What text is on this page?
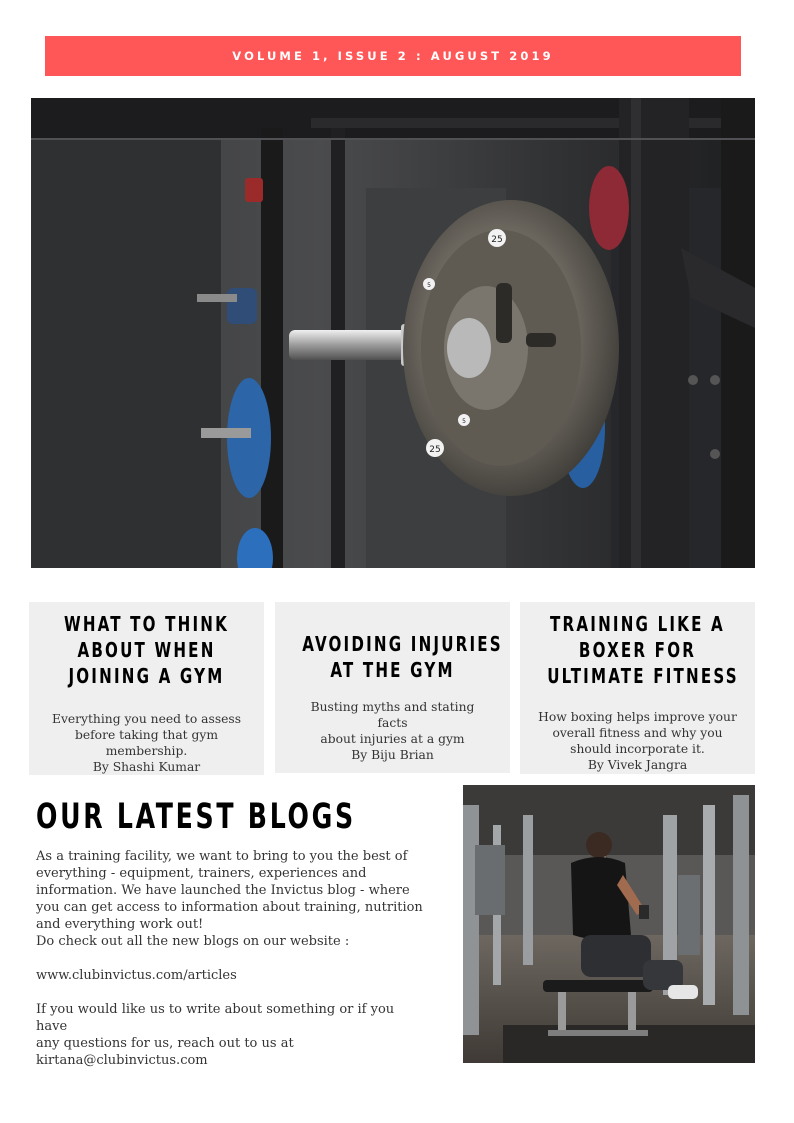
VOLUME 1, ISSUE 2 : AUGUST 2019
25
5
5
25

WHAT TO THINK

ABOUT WHEN

JOINING A GYM

Everything you need to assess
before taking that gym
membership.
By Shashi Kumar

AVOIDING INJURIES

AT THE GYM

Busting myths and stating facts
about injuries at a gym
By Biju Brian

TRAINING LIKE A

BOXER FOR

ULTIMATE FITNESS

How boxing helps improve your
overall fitness and why you
should incorporate it.
By Vivek Jangra
OUR LATEST BLOGS

As a training facility, we want to bring to you the best of

everything - equipment, trainers, experiences and

information. We have launched the Invictus blog - where

you can get access to information about training, nutrition

and everything work out!

Do check out all the new blogs on our website :

www.clubinvictus.com/articles

If you would like us to write about something or if you have

any questions for us, reach out to us at

kirtana@clubinvictus.com
